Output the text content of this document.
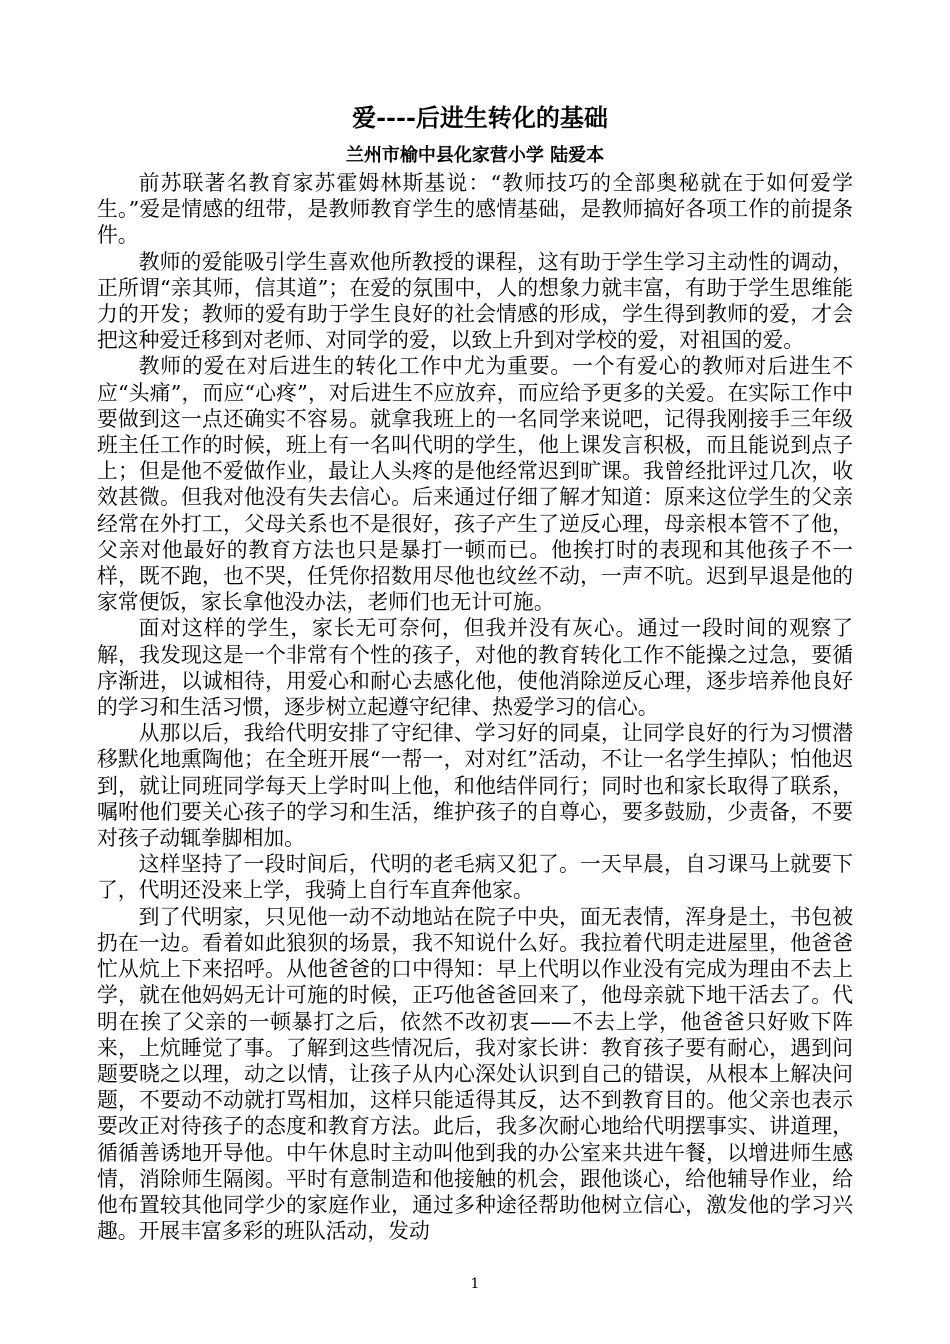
爱----后进生转化的基础

兰州市榆中县化家营小学 陆爱本

前苏联著名教育家苏霍姆林斯基说：“教师技巧的全部奥秘就在于如何爱学生。”爱是情感的纽带，是教师教育学生的感情基础，是教师搞好各项工作的前提条件。

教师的爱能吸引学生喜欢他所教授的课程，这有助于学生学习主动性的调动，正所谓“亲其师，信其道”；在爱的氛围中，人的想象力就丰富，有助于学生思维能力的开发；教师的爱有助于学生良好的社会情感的形成，学生得到教师的爱，才会把这种爱迁移到对老师、对同学的爱，以致上升到对学校的爱，对祖国的爱。

教师的爱在对后进生的转化工作中尤为重要。一个有爱心的教师对后进生不应“头痛”，而应“心疼”，对后进生不应放弃，而应给予更多的关爱。在实际工作中要做到这一点还确实不容易。就拿我班上的一名同学来说吧，记得我刚接手三年级班主任工作的时候，班上有一名叫代明的学生，他上课发言积极，而且能说到点子上；但是他不爱做作业，最让人头疼的是他经常迟到旷课。我曾经批评过几次，收效甚微。但我对他没有失去信心。后来通过仔细了解才知道：原来这位学生的父亲经常在外打工，父母关系也不是很好，孩子产生了逆反心理，母亲根本管不了他，父亲对他最好的教育方法也只是暴打一顿而已。他挨打时的表现和其他孩子不一样，既不跑，也不哭，任凭你招数用尽他也纹丝不动，一声不吭。迟到早退是他的家常便饭，家长拿他没办法，老师们也无计可施。

面对这样的学生，家长无可奈何，但我并没有灰心。通过一段时间的观察了解，我发现这是一个非常有个性的孩子，对他的教育转化工作不能操之过急，要循序渐进，以诚相待，用爱心和耐心去感化他，使他消除逆反心理，逐步培养他良好的学习和生活习惯，逐步树立起遵守纪律、热爱学习的信心。

从那以后，我给代明安排了守纪律、学习好的同桌，让同学良好的行为习惯潜移默化地熏陶他；在全班开展“一帮一，对对红”活动，不让一名学生掉队；怕他迟到，就让同班同学每天上学时叫上他，和他结伴同行；同时也和家长取得了联系，嘱咐他们要关心孩子的学习和生活，维护孩子的自尊心，要多鼓励，少责备，不要对孩子动辄拳脚相加。

这样坚持了一段时间后，代明的老毛病又犯了。一天早晨，自习课马上就要下了，代明还没来上学，我骑上自行车直奔他家。

到了代明家，只见他一动不动地站在院子中央，面无表情，浑身是土，书包被扔在一边。看着如此狼狈的场景，我不知说什么好。我拉着代明走进屋里，他爸爸忙从炕上下来招呼。从他爸爸的口中得知：早上代明以作业没有完成为理由不去上学，就在他妈妈无计可施的时候，正巧他爸爸回来了，他母亲就下地干活去了。代明在挨了父亲的一顿暴打之后，依然不改初衷——不去上学，他爸爸只好败下阵来，上炕睡觉了事。了解到这些情况后，我对家长讲：教育孩子要有耐心，遇到问题要晓之以理，动之以情，让孩子从内心深处认识到自己的错误，从根本上解决问题，不要动不动就打骂相加，这样只能适得其反，达不到教育目的。他父亲也表示要改正对待孩子的态度和教育方法。此后，我多次耐心地给代明摆事实、讲道理，循循善诱地开导他。中午休息时主动叫他到我的办公室来共进午餐，以增进师生感情，消除师生隔阂。平时有意制造和他接触的机会，跟他谈心，给他辅导作业，给他布置较其他同学少的家庭作业，通过多种途径帮助他树立信心，激发他的学习兴趣。开展丰富多彩的班队活动，发动

1
